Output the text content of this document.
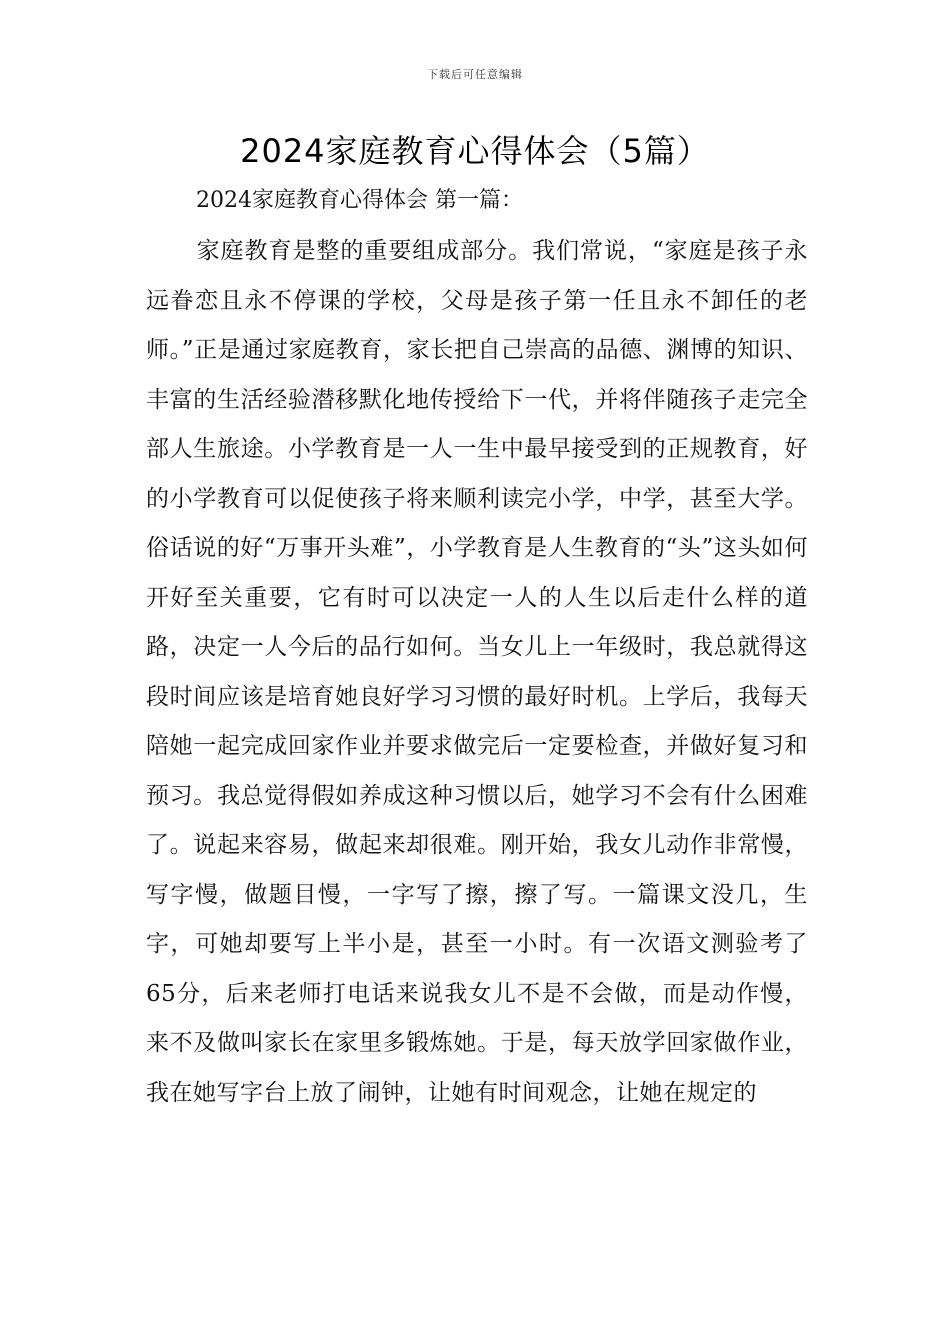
下载后可任意编辑
2024家庭教育心得体会（5篇）
2024家庭教育心得体会 第一篇：

家庭教育是整的重要组成部分。我们常说，“家庭是孩子永远眷恋且永不停课的学校，父母是孩子第一任且永不卸任的老师。”正是通过家庭教育，家长把自己崇高的品德、渊博的知识、丰富的生活经验潜移默化地传授给下一代，并将伴随孩子走完全部人生旅途。小学教育是一人一生中最早接受到的正规教育，好的小学教育可以促使孩子将来顺利读完小学，中学，甚至大学。俗话说的好“万事开头难”，小学教育是人生教育的“头”这头如何开好至关重要，它有时可以决定一人的人生以后走什么样的道路，决定一人今后的品行如何。当女儿上一年级时，我总就得这段时间应该是培育她良好学习习惯的最好时机。上学后，我每天陪她一起完成回家作业并要求做完后一定要检查，并做好复习和预习。我总觉得假如养成这种习惯以后，她学习不会有什么困难了。说起来容易，做起来却很难。刚开始，我女儿动作非常慢，写字慢，做题目慢，一字写了擦，擦了写。一篇课文没几，生字，可她却要写上半小是，甚至一小时。有一次语文测验考了65分，后来老师打电话来说我女儿不是不会做，而是动作慢，来不及做叫家长在家里多锻炼她。于是，每天放学回家做作业，我在她写字台上放了闹钟，让她有时间观念，让她在规定的
